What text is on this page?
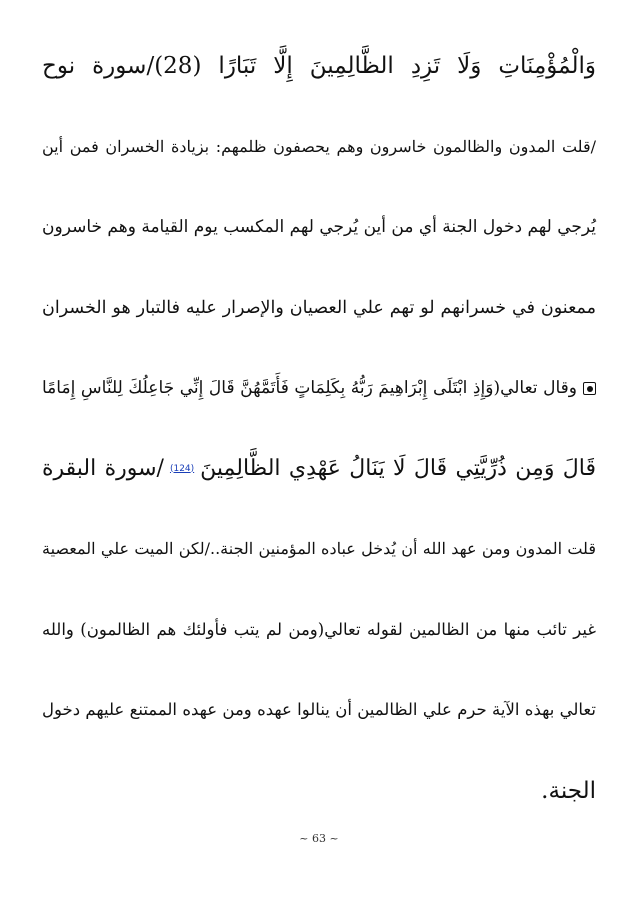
وَالْمُؤْمِنَاتِ وَلَا تَزِدِ الظَّالِمِينَ إِلَّا تَبَارًا (28)/سورة نوح
/قلت المدون والظالمون خاسرون وهم يحصفون ظلمهم: بزيادة الخسران فمن أين
يُرجي لهم دخول الجنة أي من أين يُرجي لهم المكسب يوم القيامة وهم خاسرون
ممعنون في خسرانهم لو تهم علي العصيان والإصرار عليه فالتبار هو الخسران
وقال تعالي(وَإِذِ ابْتَلَى إِبْرَاهِيمَ رَبُّهُ بِكَلِمَاتٍ فَأَتَمَّهُنَّ قَالَ إِنِّي جَاعِلُكَ لِلنَّاسِ إِمَامًا
قَالَ وَمِن ذُرِّيَّتِي قَالَ لَا يَنَالُ عَهْدِي الظَّالِمِينَ(124)/سورة البقرة
قلت المدون ومن عهد الله أن يُدخل عباده المؤمنين الجنة../لكن الميت علي المعصية
غير تائب منها من الظالمين لقوله تعالي(ومن لم يتب فأولئك هم الظالمون) والله
تعالي بهذه الآية حرم علي الظالمين أن ينالوا عهده ومن عهده الممتنع عليهم دخول
الجنة.
~ 63 ~
